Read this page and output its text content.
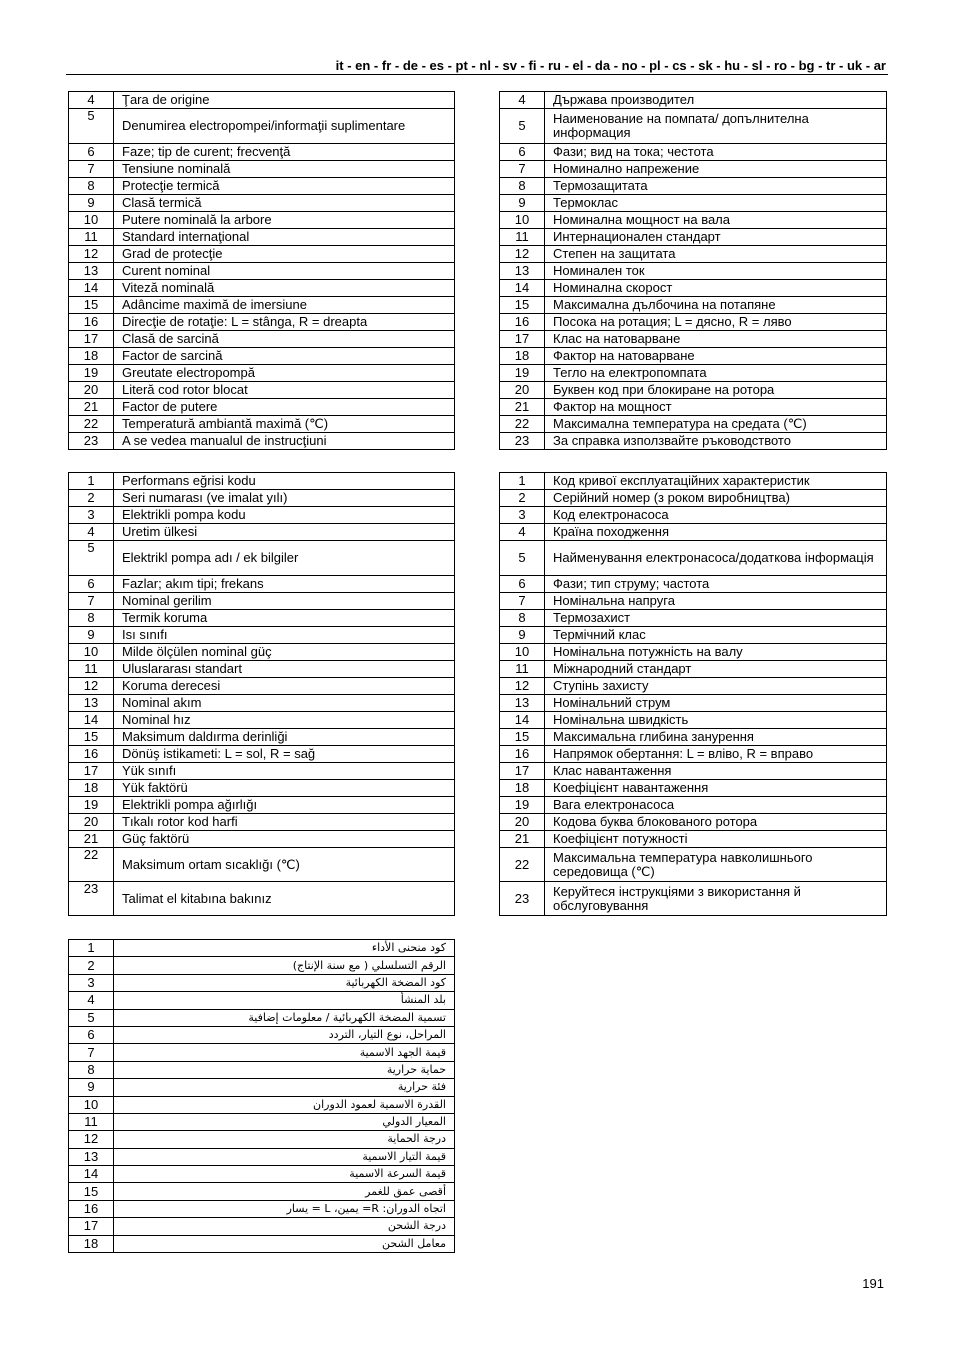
it - en - fr - de - es - pt - nl - sv - fi - ru - el - da - no - pl - cs - sk - hu - sl - ro - bg - tr - uk - ar
4	Ţara de origine
5	Denumirea electropompei/informaţii suplimentare
6	Faze; tip de curent; frecvenţă
7	Tensiune nominală
8	Protecţie termică
9	Clasă termică
10	Putere nominală la arbore
11	Standard internaţional
12	Grad de protecţie
13	Curent nominal
14	Viteză nominală
15	Adâncime maximă de imersiune
16	Direcţie de rotaţie: L = stânga, R = dreapta
17	Clasă de sarcină
18	Factor de sarcină
19	Greutate electropompă
20	Literă cod rotor blocat
21	Factor de putere
22	Temperatură ambiantă maximă (℃)
23	A se vedea manualul de instrucţiuni
4	Държава производител
5	Наименование на помпата/ допълнителна информация
6	Фази; вид на тока; честота
7	Номинално напрежение
8	Термозащитата
9	Термоклас
10	Номинална мощност на вала
11	Интернационален стандарт
12	Степен на защитата
13	Номинален ток
14	Номинална скорост
15	Максимална дълбочина на потапяне
16	Посока на ротация; L = дясно, R = ляво
17	Клас на натоварване
18	Фактор на натоварване
19	Тегло на електропомпата
20	Буквен код при блокиране на ротора
21	Фактор на мощност
22	Максимална температура на средата (℃)
23	За справка използвайте ръководството
1	Performans eğrisi kodu
2	Seri numarası (ve imalat yılı)
3	Elektrikli pompa kodu
4	Uretim ülkesi
5	Elektrikl pompa adı / ek bilgiler
6	Fazlar; akım tipi; frekans
7	Nominal gerilim
8	Termik koruma
9	Isı sınıfı
10	Milde ölçülen nominal güç
11	Uluslararası standart
12	Koruma derecesi
13	Nominal akım
14	Nominal hız
15	Maksimum daldırma derinliği
16	Dönüş istikameti: L = sol, R = sağ
17	Yük sınıfı
18	Yük faktörü
19	Elektrikli pompa ağırlığı
20	Tıkalı rotor kod harfi
21	Güç faktörü
22	Maksimum ortam sıcaklığı (℃)
23	Talimat el kitabına bakınız
1	Код кривої експлуатаційних характеристик
2	Серійний номер (з роком виробництва)
3	Код електронасоса
4	Країна походження
5	Найменування електронасоса/додаткова інформація
6	Фази; тип струму; частота
7	Номінальна напруга
8	Термозахист
9	Термічний клас
10	Номінальна потужність на валу
11	Міжнародний стандарт
12	Ступінь захисту
13	Номінальний струм
14	Номінальна швидкість
15	Максимальна глибина занурення
16	Напрямок обертання: L = вліво, R = вправо
17	Клас навантаження
18	Коефіцієнт навантаження
19	Вага електронасоса
20	Кодова буква блокованого ротора
21	Коефіцієнт потужності
22	Максимальна температура навколишнього середовища (℃)
23	Керуйтеся інструкціями з використання й обслуговування
1	كود منحنى الأداء
2	الرقم التسلسلي ( مع سنة الإنتاج)
3	كود المضخة الكهربائية
4	بلد المنشأ
5	تسمية المضخة الكهربائية / معلومات إضافية
6	المراحل، نوع التيار، التردد
7	قيمة الجهد الاسمية
8	حماية حرارية
9	فئة حرارية
10	القدرة الاسمية لعمود الدوران
11	المعيار الدولي
12	درجة الحماية
13	قيمة التيار الاسمية
14	قيمة السرعة الاسمية
15	أقصى عمق للغمر
16	اتجاه الدوران: R= يمين، L = يسار
17	درجة الشحن
18	معامل الشحن
191
